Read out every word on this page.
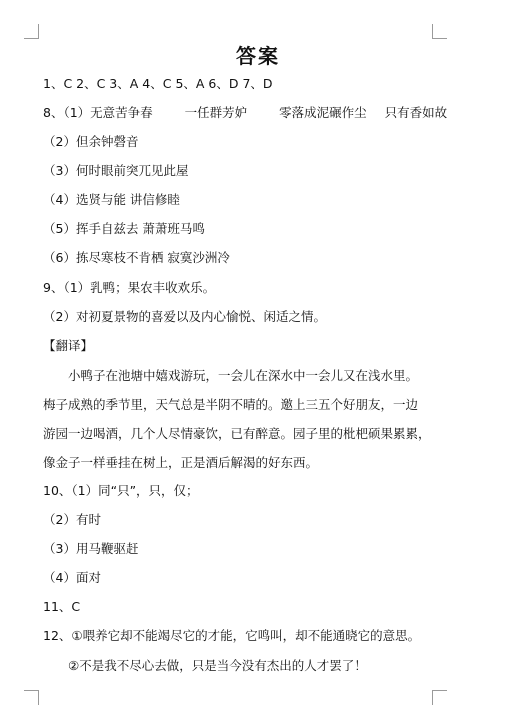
答案
1、C 2、C 3、A 4、C 5、A 6、D 7、D
8、（1）无意苦争春	一任群芳妒	零落成泥碾作尘 只有香如故
（2）但余钟磬音
（3）何时眼前突兀见此屋
（4）选贤与能 讲信修睦
（5）挥手自兹去 萧萧班马鸣
（6）拣尽寒枝不肯栖 寂寞沙洲冷
9、（1）乳鸭；果农丰收欢乐。
（2）对初夏景物的喜爱以及内心愉悦、闲适之情。
【翻译】

小鸭子在池塘中嬉戏游玩，一会儿在深水中一会儿又在浅水里。

梅子成熟的季节里，天气总是半阴不晴的。邀上三五个好朋友，一边

游园一边喝酒，几个人尽情豪饮，已有醉意。园子里的枇杷硕果累累，

像金子一样垂挂在树上，正是酒后解渴的好东西。

10、（1）同“只”，只，仅；
（2）有时
（3）用马鞭驱赶
（4）面对
11、C
12、①喂养它却不能竭尽它的才能，它鸣叫，却不能通晓它的意思。
②不是我不尽心去做，只是当今没有杰出的人才罢了！
